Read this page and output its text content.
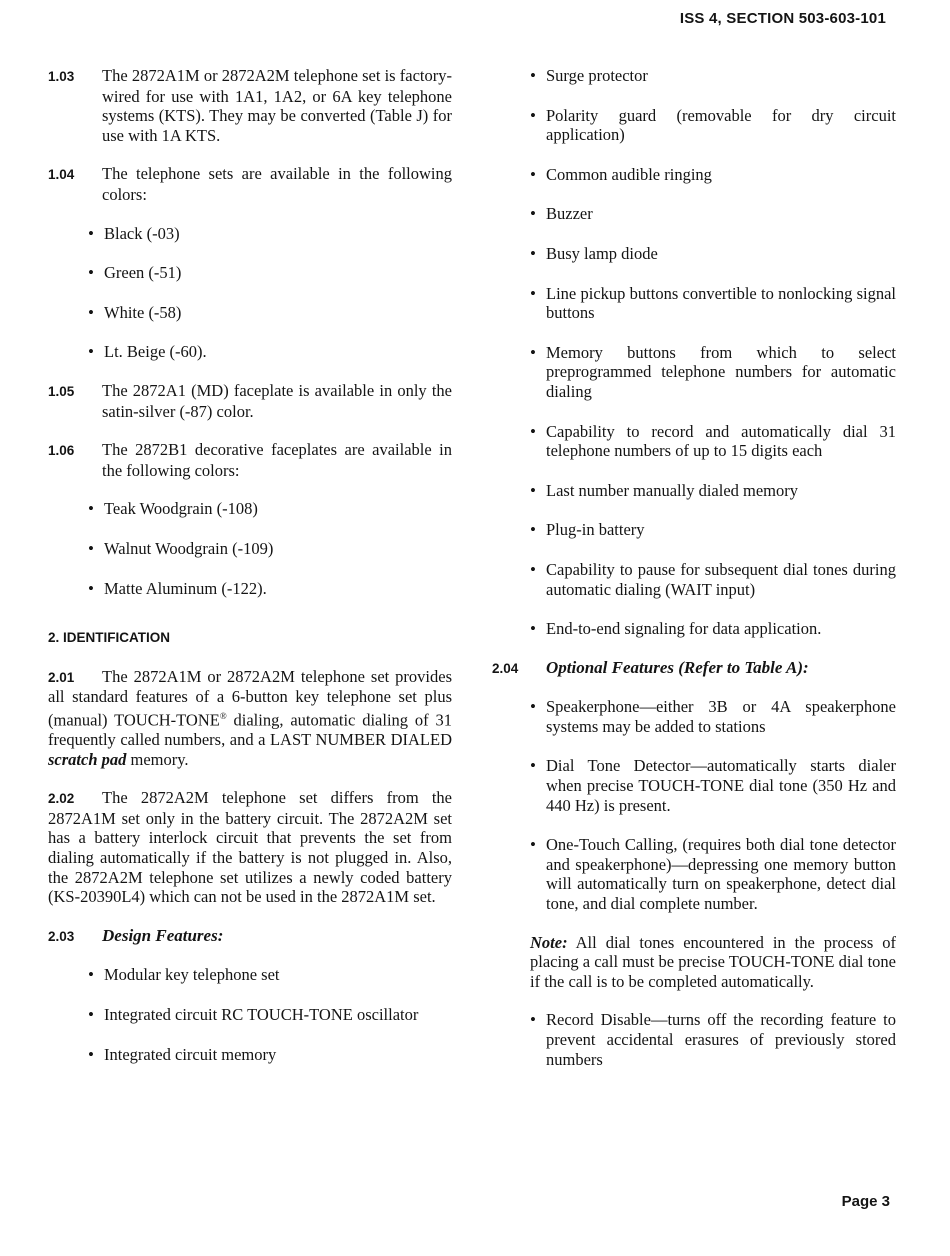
ISS 4, SECTION 503-603-101

1.03 The 2872A1M or 2872A2M telephone set is factory-wired for use with 1A1, 1A2, or 6A key telephone systems (KTS). They may be converted (Table J) for use with 1A KTS.

1.04 The telephone sets are available in the following colors:

• Black (-03)
• Green (-51)
• White (-58)
• Lt. Beige (-60).

1.05 The 2872A1 (MD) faceplate is available in only the satin-silver (-87) color.

1.06 The 2872B1 decorative faceplates are available in the following colors:

• Teak Woodgrain (-108)
• Walnut Woodgrain (-109)
• Matte Aluminum (-122).
2. IDENTIFICATION

2.01 The 2872A1M or 2872A2M telephone set provides all standard features of a 6-button key telephone set plus (manual) TOUCH-TONE® dialing, automatic dialing of 31 frequently called numbers, and a LAST NUMBER DIALED scratch pad memory.

2.02 The 2872A2M telephone set differs from the 2872A1M set only in the battery circuit. The 2872A2M set has a battery interlock circuit that prevents the set from dialing automatically if the battery is not plugged in. Also, the 2872A2M telephone set utilizes a newly coded battery (KS-20390L4) which can not be used in the 2872A1M set.

2.03 Design Features:
• Modular key telephone set
• Integrated circuit RC TOUCH-TONE oscillator
• Integrated circuit memory
• Surge protector
• Polarity guard (removable for dry circuit application)
• Common audible ringing
• Buzzer
• Busy lamp diode
• Line pickup buttons convertible to nonlocking signal buttons
• Memory buttons from which to select preprogrammed telephone numbers for automatic dialing
• Capability to record and automatically dial 31 telephone numbers of up to 15 digits each
• Last number manually dialed memory
• Plug-in battery
• Capability to pause for subsequent dial tones during automatic dialing (WAIT input)
• End-to-end signaling for data application.
2.04 Optional Features (Refer to Table A):
• Speakerphone—either 3B or 4A speakerphone systems may be added to stations
• Dial Tone Detector—automatically starts dialer when precise TOUCH-TONE dial tone (350 Hz and 440 Hz) is present.
• One-Touch Calling, (requires both dial tone detector and speakerphone)—depressing one memory button will automatically turn on speakerphone, detect dial tone, and dial complete number.

Note: All dial tones encountered in the process of placing a call must be precise TOUCH-TONE dial tone if the call is to be completed automatically.

• Record Disable—turns off the recording feature to prevent accidental erasures of previously stored numbers
Page 3
